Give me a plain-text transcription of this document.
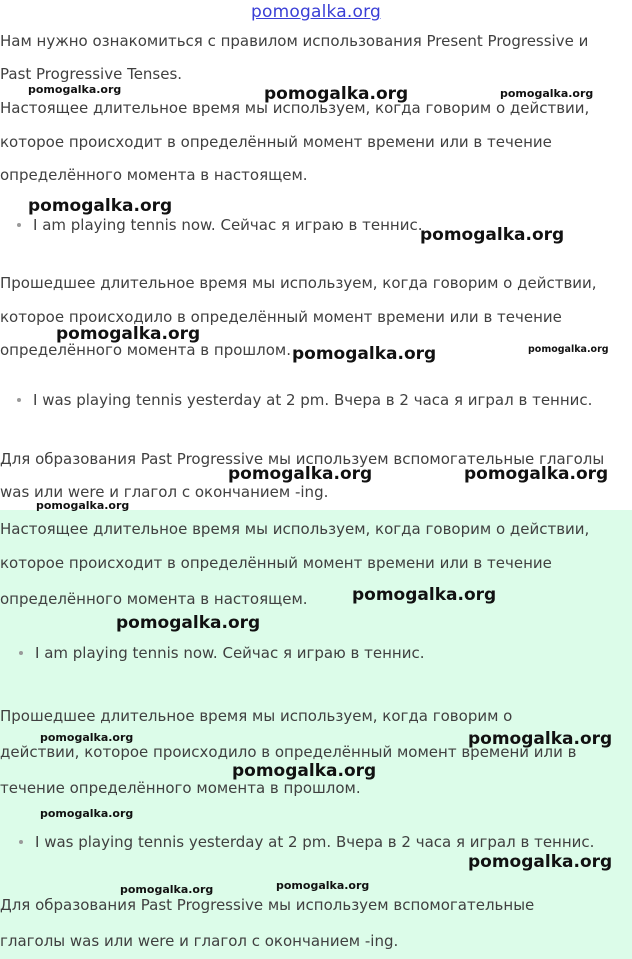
pomogalka.org

Нам нужно ознакомиться с правилом использования Present Progressive и

Past Progressive Tenses.

Настоящее длительное время мы используем, когда говорим о действии,

которое происходит в определённый момент времени или в течение

определённого момента в настоящем.

I am playing tennis now. Сейчас я играю в теннис.

Прошедшее длительное время мы используем, когда говорим о действии,

которое происходило в определённый момент времени или в течение

определённого момента в прошлом.

I was playing tennis yesterday at 2 pm. Вчера в 2 часа я играл в теннис.

Для образования Past Progressive мы используем вспомогательные глаголы

was или were и глагол с окончанием -ing.

Настоящее длительное время мы используем, когда говорим о действии,

которое происходит в определённый момент времени или в течение

определённого момента в настоящем.

I am playing tennis now. Сейчас я играю в теннис.

Прошедшее длительное время мы используем, когда говорим о

действии, которое происходило в определённый момент времени или в

течение определённого момента в прошлом.

I was playing tennis yesterday at 2 pm. Вчера в 2 часа я играл в теннис.

Для образования Past Progressive мы используем вспомогательные

глаголы was или were и глагол с окончанием -ing.

pomogalka.org	pomogalka.org	pomogalka.org
pomogalka.org
pomogalka.org
pomogalka.org
pomogalka.org	pomogalka.org
pomogalka.org	pomogalka.org
pomogalka.org
pomogalka.org
pomogalka.org
pomogalka.org	pomogalka.org
pomogalka.org
pomogalka.org
pomogalka.org
pomogalka.org	pomogalka.org
